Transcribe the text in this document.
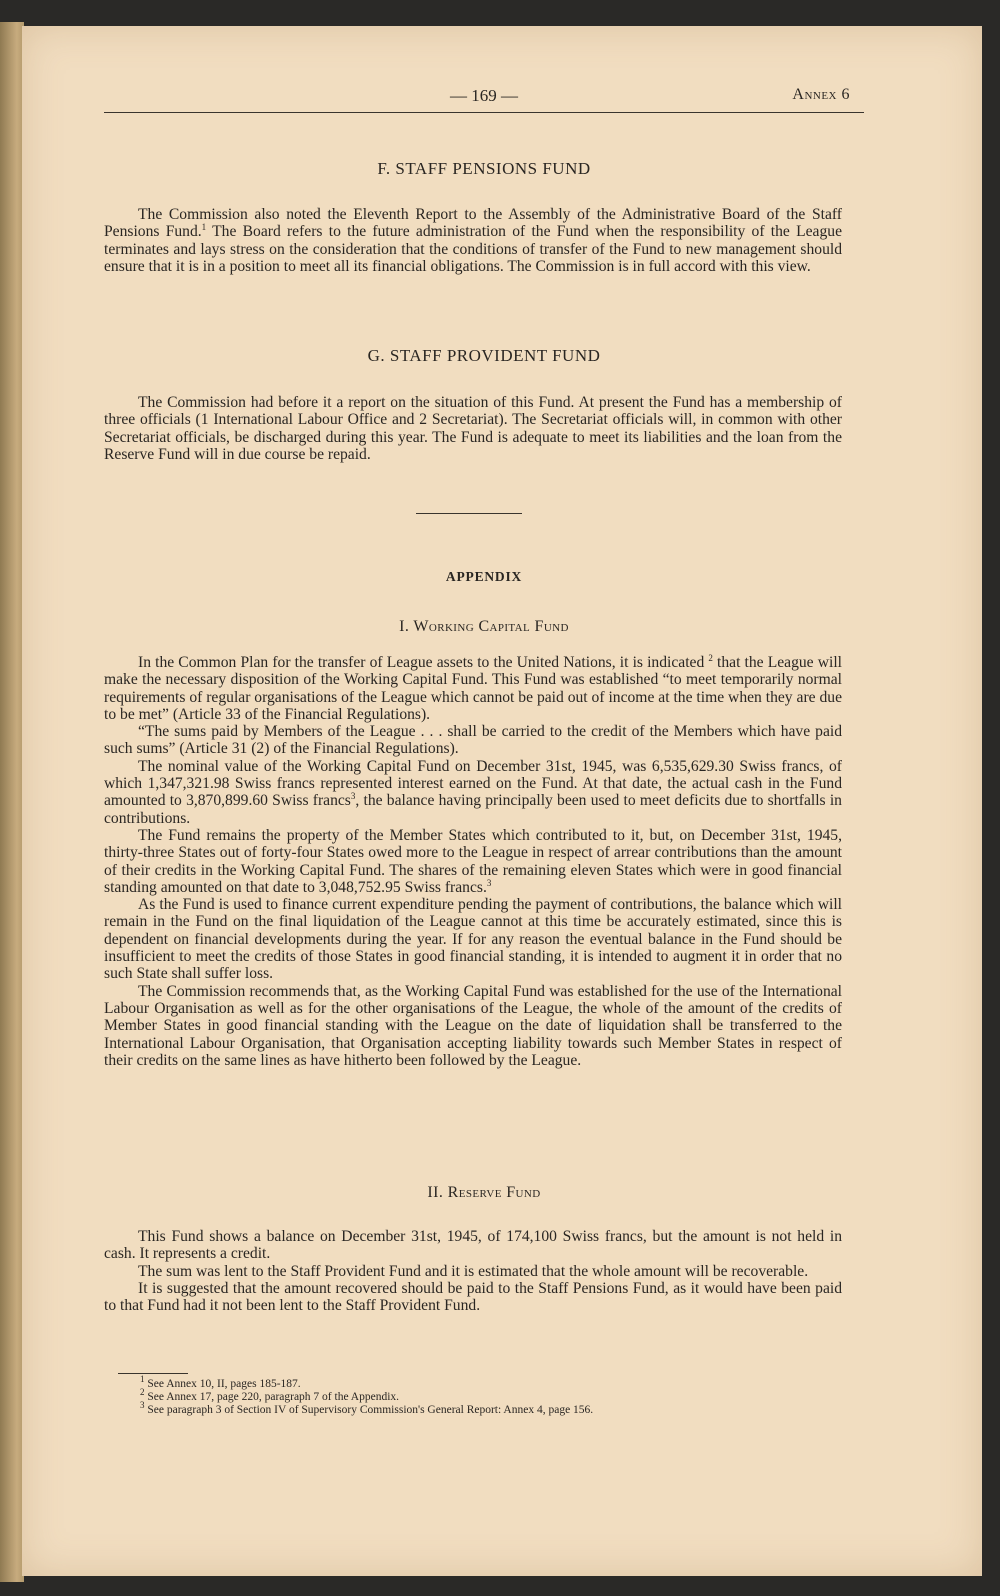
— 169 —	Annex 6
F. STAFF PENSIONS FUND

The Commission also noted the Eleventh Report to the Assembly of the Administrative Board of the Staff Pensions Fund.$^1$ The Board refers to the future administration of the Fund when the responsibility of the League terminates and lays stress on the consideration that the conditions of transfer of the Fund to new management should ensure that it is in a position to meet all its financial obligations. The Commission is in full accord with this view.

G. STAFF PROVIDENT FUND

The Commission had before it a report on the situation of this Fund. At present the Fund has a membership of three officials (1 International Labour Office and 2 Secretariat). The Secretariat officials will, in common with other Secretariat officials, be discharged during this year. The Fund is adequate to meet its liabilities and the loan from the Reserve Fund will in due course be repaid.

APPENDIX
I. Working Capital Fund

In the Common Plan for the transfer of League assets to the United Nations, it is indicated $^2$ that the League will make the necessary disposition of the Working Capital Fund. This Fund was established “to meet temporarily normal requirements of regular organisations of the League which cannot be paid out of income at the time when they are due to be met” (Article 33 of the Financial Regulations).

“The sums paid by Members of the League . . . shall be carried to the credit of the Members which have paid such sums” (Article 31 (2) of the Financial Regulations).

The nominal value of the Working Capital Fund on December 31st, 1945, was 6,535,629.30 Swiss francs, of which 1,347,321.98 Swiss francs represented interest earned on the Fund. At that date, the actual cash in the Fund amounted to 3,870,899.60 Swiss francs$^3$, the balance having principally been used to meet deficits due to shortfalls in contributions.

The Fund remains the property of the Member States which contributed to it, but, on December 31st, 1945, thirty-three States out of forty-four States owed more to the League in respect of arrear contributions than the amount of their credits in the Working Capital Fund. The shares of the remaining eleven States which were in good financial standing amounted on that date to 3,048,752.95 Swiss francs.$^3$

As the Fund is used to finance current expenditure pending the payment of contributions, the balance which will remain in the Fund on the final liquidation of the League cannot at this time be accurately estimated, since this is dependent on financial developments during the year. If for any reason the eventual balance in the Fund should be insufficient to meet the credits of those States in good financial standing, it is intended to augment it in order that no such State shall suffer loss.

The Commission recommends that, as the Working Capital Fund was established for the use of the International Labour Organisation as well as for the other organisations of the League, the whole of the amount of the credits of Member States in good financial standing with the League on the date of liquidation shall be transferred to the International Labour Organisation, that Organisation accepting liability towards such Member States in respect of their credits on the same lines as have hitherto been followed by the League.

II. Reserve Fund

This Fund shows a balance on December 31st, 1945, of 174,100 Swiss francs, but the amount is not held in cash. It represents a credit.

The sum was lent to the Staff Provident Fund and it is estimated that the whole amount will be recoverable.

It is suggested that the amount recovered should be paid to the Staff Pensions Fund, as it would have been paid to that Fund had it not been lent to the Staff Provident Fund.

$^1$ See Annex 10, II, pages 185-187.
$^2$ See Annex 17, page 220, paragraph 7 of the Appendix.
$^3$ See paragraph 3 of Section IV of Supervisory Commission's General Report: Annex 4, page 156.
